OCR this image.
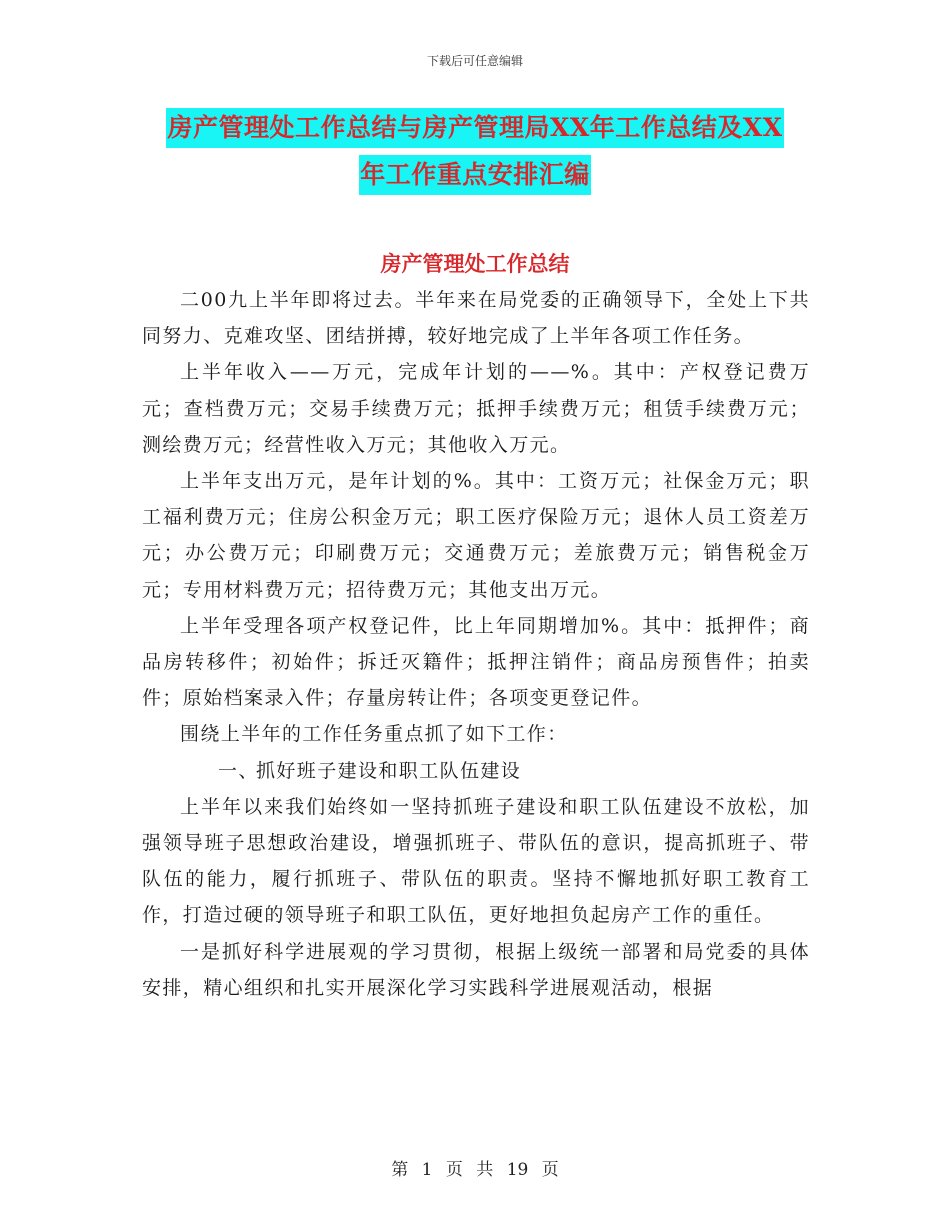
下载后可任意编辑
房产管理处工作总结与房产管理局XX年工作总结及XX
年工作重点安排汇编
房产管理处工作总结

二00九上半年即将过去。半年来在局党委的正确领导下，全处上下共同努力、克难攻坚、团结拼搏，较好地完成了上半年各项工作任务。

上半年收入——万元，完成年计划的——%。其中：产权登记费万元；查档费万元；交易手续费万元；抵押手续费万元；租赁手续费万元；测绘费万元；经营性收入万元；其他收入万元。

上半年支出万元，是年计划的%。其中：工资万元；社保金万元；职工福利费万元；住房公积金万元；职工医疗保险万元；退休人员工资差万元；办公费万元；印刷费万元；交通费万元；差旅费万元；销售税金万元；专用材料费万元；招待费万元；其他支出万元。

上半年受理各项产权登记件，比上年同期增加%。其中：抵押件；商品房转移件；初始件；拆迁灭籍件；抵押注销件；商品房预售件；拍卖件；原始档案录入件；存量房转让件；各项变更登记件。

围绕上半年的工作任务重点抓了如下工作：

一、抓好班子建设和职工队伍建设

上半年以来我们始终如一坚持抓班子建设和职工队伍建设不放松，加强领导班子思想政治建设，增强抓班子、带队伍的意识，提高抓班子、带队伍的能力，履行抓班子、带队伍的职责。坚持不懈地抓好职工教育工作，打造过硬的领导班子和职工队伍，更好地担负起房产工作的重任。

一是抓好科学进展观的学习贯彻，根据上级统一部署和局党委的具体安排，精心组织和扎实开展深化学习实践科学进展观活动，根据

第 1 页 共 19 页
